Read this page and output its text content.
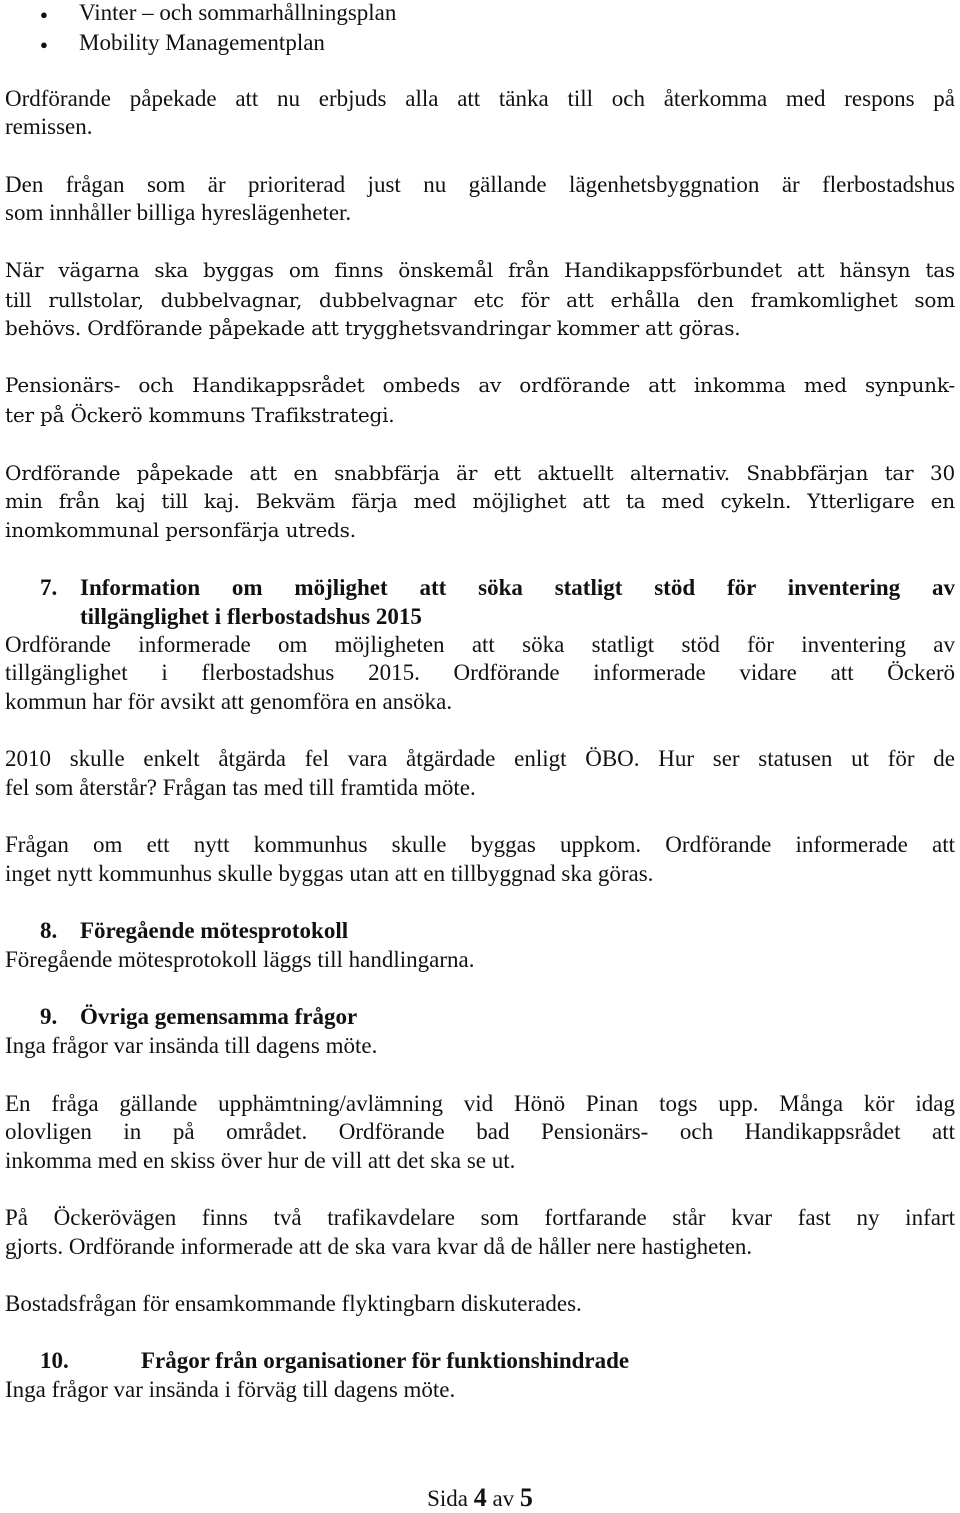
● Vinter – och sommarhållningsplan
● Mobility Managementplan
Ordförande påpekade att nu erbjuds alla att tänka till och återkomma med respons på
remissen.
Den frågan som är prioriterad just nu gällande lägenhetsbyggnation är flerbostadshus
som innhåller billiga hyreslägenheter.
När vägarna ska byggas om finns önskemål från Handikappsförbundet att hänsyn tas
till rullstolar, dubbelvagnar, dubbelvagnar etc för att erhålla den framkomlighet som
behövs. Ordförande påpekade att trygghetsvandringar kommer att göras.
Pensionärs- och Handikappsrådet ombeds av ordförande att inkomma med synpunk-
ter på Öckerö kommuns Trafikstrategi.
Ordförande påpekade att en snabbfärja är ett aktuellt alternativ. Snabbfärjan tar 30
min från kaj till kaj. Bekväm färja med möjlighet att ta med cykeln. Ytterligare en
inomkommunal personfärja utreds.
7. Information om möjlighet att söka statligt stöd för inventering av
tillgänglighet i flerbostadshus 2015
Ordförande informerade om möjligheten att söka statligt stöd för inventering av
tillgänglighet i flerbostadshus 2015. Ordförande informerade vidare att Öckerö
kommun har för avsikt att genomföra en ansöka.
2010 skulle enkelt åtgärda fel vara åtgärdade enligt ÖBO. Hur ser statusen ut för de
fel som återstår? Frågan tas med till framtida möte.
Frågan om ett nytt kommunhus skulle byggas uppkom. Ordförande informerade att
inget nytt kommunhus skulle byggas utan att en tillbyggnad ska göras.
8. Föregående mötesprotokoll
Föregående mötesprotokoll läggs till handlingarna.
9. Övriga gemensamma frågor
Inga frågor var insända till dagens möte.
En fråga gällande upphämtning/avlämning vid Hönö Pinan togs upp. Många kör idag
olovligen in på området. Ordförande bad Pensionärs- och Handikappsrådet att
inkomma med en skiss över hur de vill att det ska se ut.
På Öckerövägen finns två trafikavdelare som fortfarande står kvar fast ny infart
gjorts. Ordförande informerade att de ska vara kvar då de håller nere hastigheten.
Bostadsfrågan för ensamkommande flyktingbarn diskuterades.
10.	Frågor från organisationer för funktionshindrade
Inga frågor var insända i förväg till dagens möte.
Sida 4 av 5
